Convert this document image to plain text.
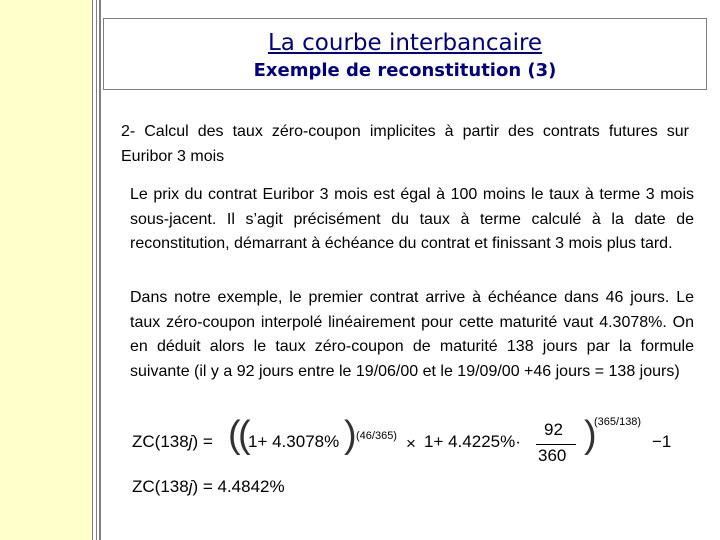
La courbe interbancaire
Exemple de reconstitution (3)
2- Calcul des taux zéro-coupon implicites à partir des contrats futures sur Euribor 3 mois
Le prix du contrat Euribor 3 mois est égal à 100 moins le taux à terme 3 mois sous-jacent. Il s’agit précisément du taux à terme calculé à la date de reconstitution, démarrant à échéance du contrat et finissant 3 mois plus tard.
Dans notre exemple, le premier contrat arrive à échéance dans 46 jours. Le taux zéro-coupon interpolé linéairement pour cette maturité vaut 4.3078%. On en déduit alors le taux zéro-coupon de maturité 138 jours par la formule suivante (il y a 92 jours entre le 19/06/00 et le 19/09/00 +46 jours = 138 jours)
ZC(138j) = (
(
1+ 4.3078% ) (46/365) × 1+ 4.4225%·
92
360 )
(365/138)
−1
ZC(138j) = 4.4842%
